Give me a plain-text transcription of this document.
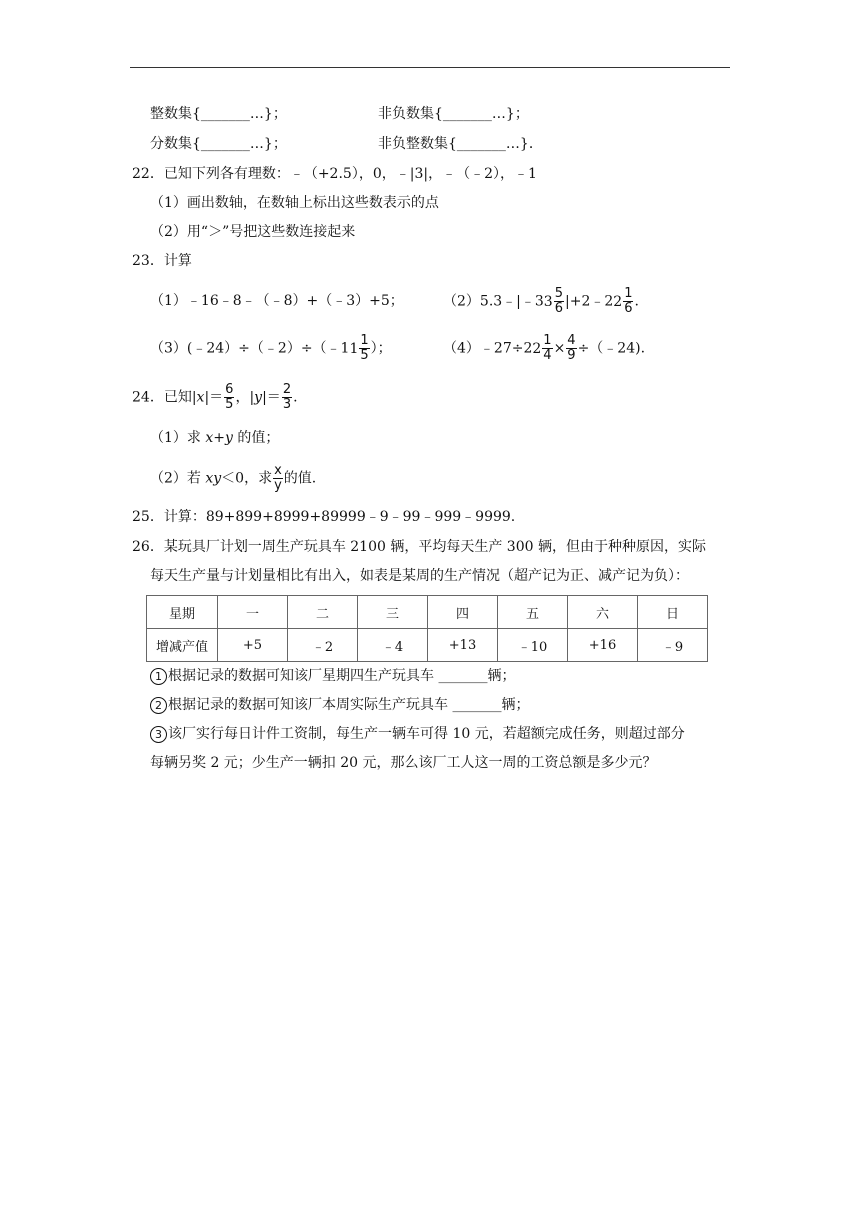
整数集{_______…}；	非负数集{_______…}；
分数集{_______…}；	非负整数集{_______…}．
22．已知下列各有理数：﹣（+2.5），0，﹣|3|，﹣（﹣2），﹣1
（1）画出数轴，在数轴上标出这些数表示的点
（2）用“＞”号把这些数连接起来
23．计算
（1）﹣16﹣8﹣（﹣8）+（﹣3）+5；	（2）5.3﹣|﹣3 $3 \frac{5}{6}$ |+2﹣2 $2 \frac{1}{6}$ .
（3）(﹣24）÷（﹣2）÷（﹣1 $1 \frac{1}{5}$ ）；	（4）﹣27÷2 $2 \frac{1}{4} \times \frac{4}{9}$ ÷（﹣24).
24．已知$|x|= \frac{6}{5}$ ，$|y|= \frac{2}{3}$ .
（1）求 x+y 的值；
（2）若 xy＜0，求 $\frac{x}{y}$ 的值.
25．计算：89+899+8999+89999﹣9﹣99﹣999﹣9999.
26．某玩具厂计划一周生产玩具车 2100 辆，平均每天生产 300 辆，但由于种种原因，实际
每天生产量与计划量相比有出入，如表是某周的生产情况（超产记为正、减产记为负）：
星期	一	二	三	四	五	六	日
增减产值	+5	﹣2	﹣4	+13	﹣10	+16	﹣9
1 根据记录的数据可知该厂星期四生产玩具车 _______辆；
2 根据记录的数据可知该厂本周实际生产玩具车 _______辆；
3 该厂实行每日计件工资制，每生产一辆车可得 10 元，若超额完成任务，则超过部分
每辆另奖 2 元；少生产一辆扣 20 元，那么该厂工人这一周的工资总额是多少元？
